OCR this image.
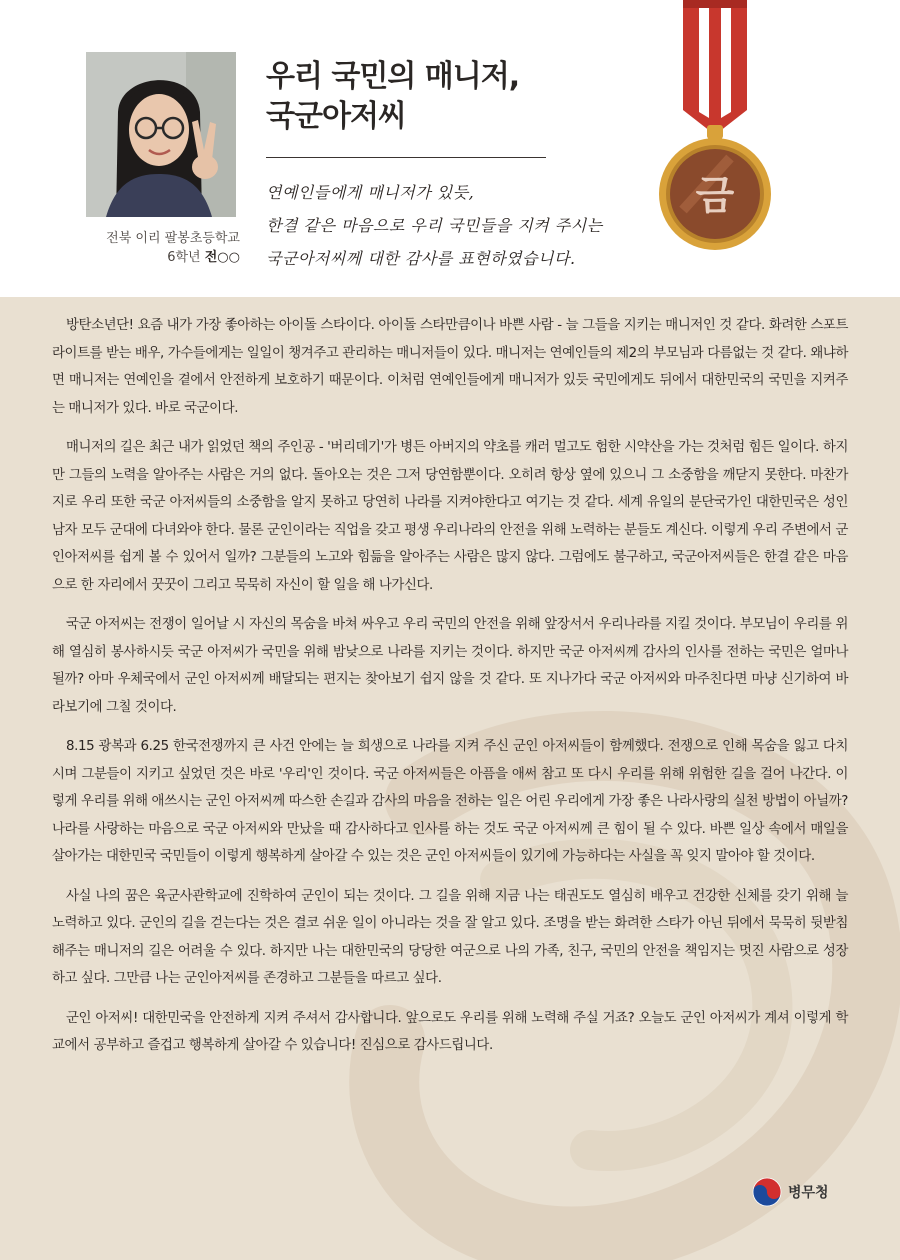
전북 이리 팔봉초등학교
6학년 전○○
우리 국민의 매니저,
국군아저씨
연예인들에게 매니저가 있듯,
한결 같은 마음으로 우리 국민들을 지켜 주시는
국군아저씨께 대한 감사를 표현하였습니다.
금

방탄소년단! 요즘 내가 가장 좋아하는 아이돌 스타이다. 아이돌 스타만큼이나 바쁜 사람 - 늘 그들을 지키는 매니저인 것 같다. 화려한 스포트라이트를 받는 배우, 가수들에게는 일일이 챙겨주고 관리하는 매니저들이 있다. 매니저는 연예인들의 제2의 부모님과 다름없는 것 같다. 왜냐하면 매니저는 연예인을 곁에서 안전하게 보호하기 때문이다. 이처럼 연예인들에게 매니저가 있듯 국민에게도 뒤에서 대한민국의 국민을 지켜주는 매니저가 있다. 바로 국군이다.

매니저의 길은 최근 내가 읽었던 책의 주인공 - '버리데기'가 병든 아버지의 약초를 캐러 멀고도 험한 시약산을 가는 것처럼 힘든 일이다. 하지만 그들의 노력을 알아주는 사람은 거의 없다. 돌아오는 것은 그저 당연함뿐이다. 오히려 항상 옆에 있으니 그 소중함을 깨닫지 못한다. 마찬가지로 우리 또한 국군 아저씨들의 소중함을 알지 못하고 당연히 나라를 지켜야한다고 여기는 것 같다. 세계 유일의 분단국가인 대한민국은 성인남자 모두 군대에 다녀와야 한다. 물론 군인이라는 직업을 갖고 평생 우리나라의 안전을 위해 노력하는 분들도 계신다. 이렇게 우리 주변에서 군인아저씨를 쉽게 볼 수 있어서 일까? 그분들의 노고와 힘듦을 알아주는 사람은 많지 않다. 그럼에도 불구하고, 국군아저씨들은 한결 같은 마음으로 한 자리에서 꿋꿋이 그리고 묵묵히 자신이 할 일을 해 나가신다.

국군 아저씨는 전쟁이 일어날 시 자신의 목숨을 바쳐 싸우고 우리 국민의 안전을 위해 앞장서서 우리나라를 지킬 것이다. 부모님이 우리를 위해 열심히 봉사하시듯 국군 아저씨가 국민을 위해 밤낮으로 나라를 지키는 것이다. 하지만 국군 아저씨께 감사의 인사를 전하는 국민은 얼마나 될까? 아마 우체국에서 군인 아저씨께 배달되는 편지는 찾아보기 쉽지 않을 것 같다. 또 지나가다 국군 아저씨와 마주친다면 마냥 신기하여 바라보기에 그칠 것이다.

8.15 광복과 6.25 한국전쟁까지 큰 사건 안에는 늘 희생으로 나라를 지켜 주신 군인 아저씨들이 함께했다. 전쟁으로 인해 목숨을 잃고 다치시며 그분들이 지키고 싶었던 것은 바로 '우리'인 것이다. 국군 아저씨들은 아픔을 애써 참고 또 다시 우리를 위해 위험한 길을 걸어 나간다. 이렇게 우리를 위해 애쓰시는 군인 아저씨께 따스한 손길과 감사의 마음을 전하는 일은 어린 우리에게 가장 좋은 나라사랑의 실천 방법이 아닐까? 나라를 사랑하는 마음으로 국군 아저씨와 만났을 때 감사하다고 인사를 하는 것도 국군 아저씨께 큰 힘이 될 수 있다. 바쁜 일상 속에서 매일을 살아가는 대한민국 국민들이 이렇게 행복하게 살아갈 수 있는 것은 군인 아저씨들이 있기에 가능하다는 사실을 꼭 잊지 말아야 할 것이다.

사실 나의 꿈은 육군사관학교에 진학하여 군인이 되는 것이다. 그 길을 위해 지금 나는 태권도도 열심히 배우고 건강한 신체를 갖기 위해 늘 노력하고 있다. 군인의 길을 걷는다는 것은 결코 쉬운 일이 아니라는 것을 잘 알고 있다. 조명을 받는 화려한 스타가 아닌 뒤에서 묵묵히 뒷받침해주는 매니저의 길은 어려울 수 있다. 하지만 나는 대한민국의 당당한 여군으로 나의 가족, 친구, 국민의 안전을 책임지는 멋진 사람으로 성장하고 싶다. 그만큼 나는 군인아저씨를 존경하고 그분들을 따르고 싶다.

군인 아저씨! 대한민국을 안전하게 지켜 주셔서 감사합니다. 앞으로도 우리를 위해 노력해 주실 거죠? 오늘도 군인 아저씨가 계셔 이렇게 학교에서 공부하고 즐겁고 행복하게 살아갈 수 있습니다! 진심으로 감사드립니다.

병무청
